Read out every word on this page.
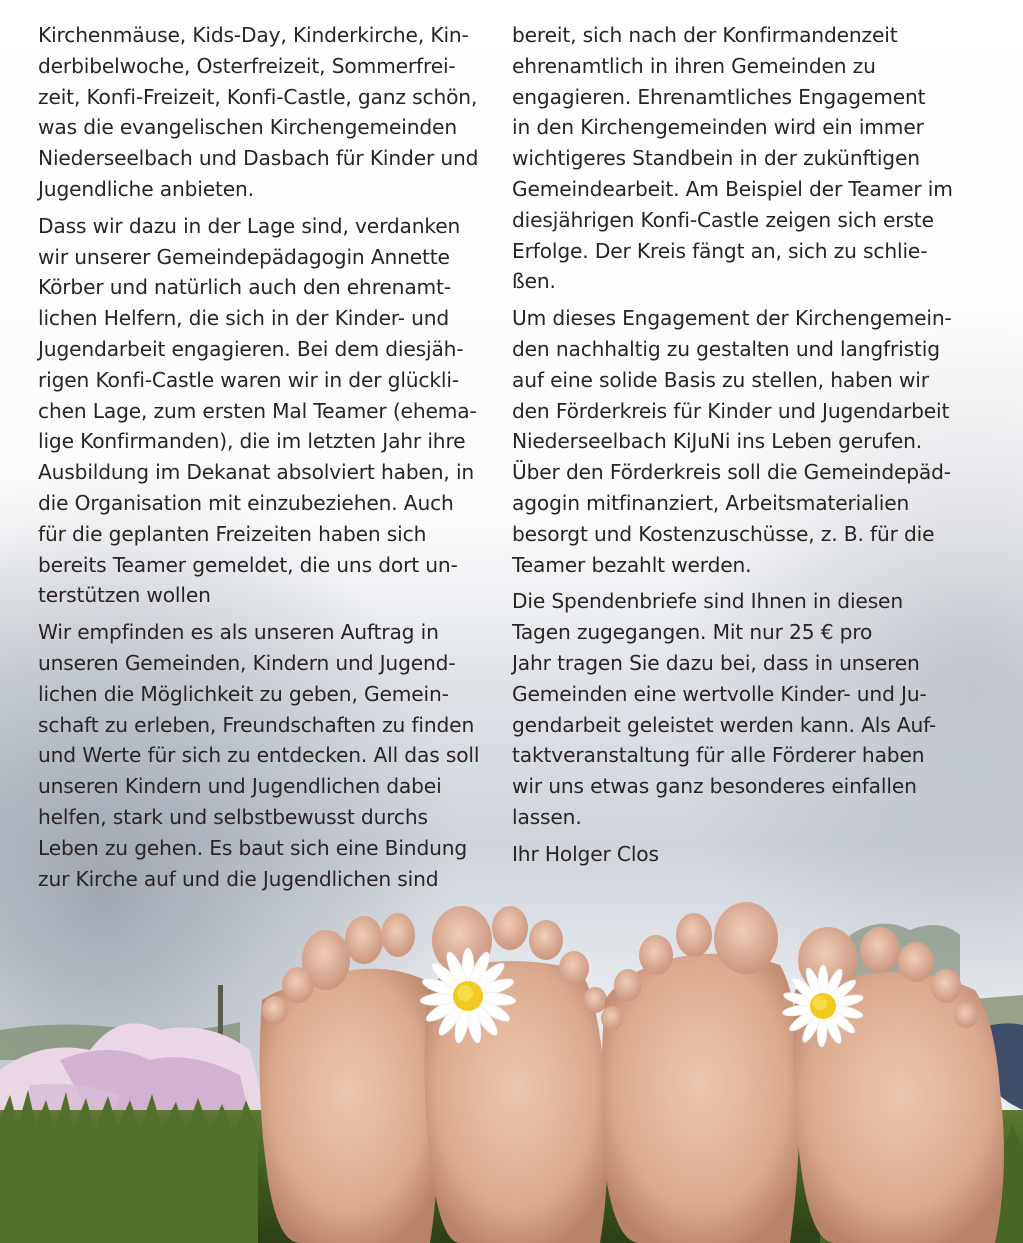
Kirchenmäuse, Kids-Day, Kinderkirche, Kin-
derbibelwoche, Osterfreizeit, Sommerfrei-
zeit, Konfi-Freizeit, Konfi-Castle, ganz schön,
was die evangelischen Kirchengemeinden
Niederseelbach und Dasbach für Kinder und
Jugendliche anbieten.

Dass wir dazu in der Lage sind, verdanken
wir unserer Gemeindepädagogin Annette
Körber und natürlich auch den ehrenamt-
lichen Helfern, die sich in der Kinder- und
Jugendarbeit engagieren. Bei dem diesjäh-
rigen Konfi-Castle waren wir in der glückli-
chen Lage, zum ersten Mal Teamer (ehema-
lige Konfirmanden), die im letzten Jahr ihre
Ausbildung im Dekanat absolviert haben, in
die Organisation mit einzubeziehen. Auch
für die geplanten Freizeiten haben sich
bereits Teamer gemeldet, die uns dort un-
terstützen wollen

Wir empfinden es als unseren Auftrag in
unseren Gemeinden, Kindern und Jugend-
lichen die Möglichkeit zu geben, Gemein-
schaft zu erleben, Freundschaften zu finden
und Werte für sich zu entdecken. All das soll
unseren Kindern und Jugendlichen dabei
helfen, stark und selbstbewusst durchs
Leben zu gehen. Es baut sich eine Bindung
zur Kirche auf und die Jugendlichen sind

bereit, sich nach der Konfirmandenzeit
ehrenamtlich in ihren Gemeinden zu
engagieren. Ehrenamtliches Engagement
in den Kirchengemeinden wird ein immer
wichtigeres Standbein in der zukünftigen
Gemeindearbeit. Am Beispiel der Teamer im
diesjährigen Konfi-Castle zeigen sich erste
Erfolge. Der Kreis fängt an, sich zu schlie-
ßen.

Um dieses Engagement der Kirchengemein-
den nachhaltig zu gestalten und langfristig
auf eine solide Basis zu stellen, haben wir
den Förderkreis für Kinder und Jugendarbeit
Niederseelbach KiJuNi ins Leben gerufen.
Über den Förderkreis soll die Gemeindepäd-
agogin mitfinanziert, Arbeitsmaterialien
besorgt und Kostenzuschüsse, z. B. für die
Teamer bezahlt werden.

Die Spendenbriefe sind Ihnen in diesen
Tagen zugegangen. Mit nur 25 € pro
Jahr tragen Sie dazu bei, dass in unseren
Gemeinden eine wertvolle Kinder- und Ju-
gendarbeit geleistet werden kann. Als Auf-
taktveranstaltung für alle Förderer haben
wir uns etwas ganz besonderes einfallen
lassen.

Ihr Holger Clos
